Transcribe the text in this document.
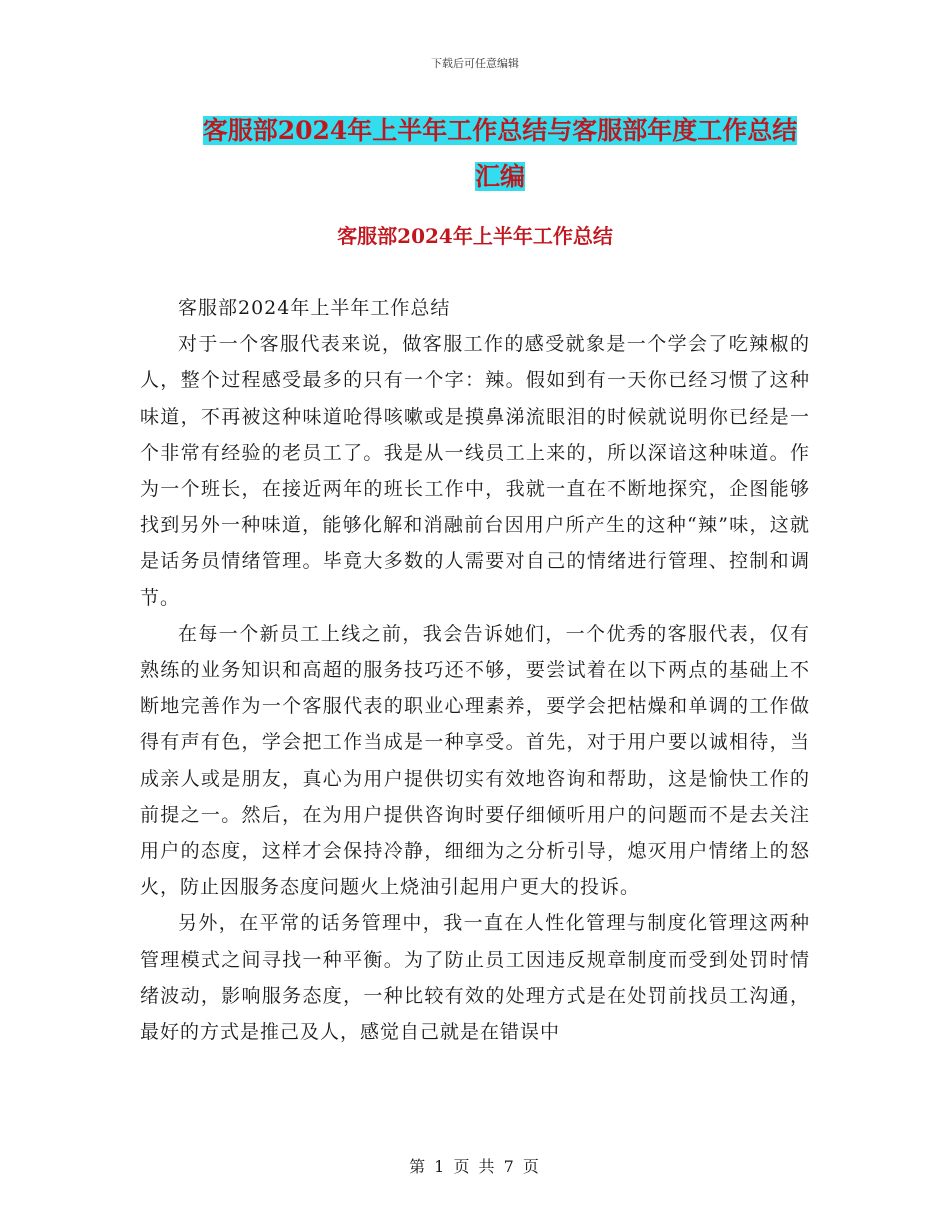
下载后可任意编辑
客服部2024年上半年工作总结与客服部年度工作总结
汇编
客服部2024年上半年工作总结

客服部2024年上半年工作总结

对于一个客服代表来说，做客服工作的感受就象是一个学会了吃辣椒的人，整个过程感受最多的只有一个字：辣。假如到有一天你已经习惯了这种味道，不再被这种味道呛得咳嗽或是摸鼻涕流眼泪的时候就说明你已经是一个非常有经验的老员工了。我是从一线员工上来的，所以深谙这种味道。作为一个班长，在接近两年的班长工作中，我就一直在不断地探究，企图能够找到另外一种味道，能够化解和消融前台因用户所产生的这种“辣”味，这就是话务员情绪管理。毕竟大多数的人需要对自己的情绪进行管理、控制和调节。

在每一个新员工上线之前，我会告诉她们，一个优秀的客服代表，仅有熟练的业务知识和高超的服务技巧还不够，要尝试着在以下两点的基础上不断地完善作为一个客服代表的职业心理素养，要学会把枯燥和单调的工作做得有声有色，学会把工作当成是一种享受。首先，对于用户要以诚相待，当成亲人或是朋友，真心为用户提供切实有效地咨询和帮助，这是愉快工作的前提之一。然后，在为用户提供咨询时要仔细倾听用户的问题而不是去关注用户的态度，这样才会保持冷静，细细为之分析引导，熄灭用户情绪上的怒火，防止因服务态度问题火上烧油引起用户更大的投诉。

另外，在平常的话务管理中，我一直在人性化管理与制度化管理这两种管理模式之间寻找一种平衡。为了防止员工因违反规章制度而受到处罚时情绪波动，影响服务态度，一种比较有效的处理方式是在处罚前找员工沟通，最好的方式是推己及人，感觉自己就是在错误中

第 1 页 共 7 页
